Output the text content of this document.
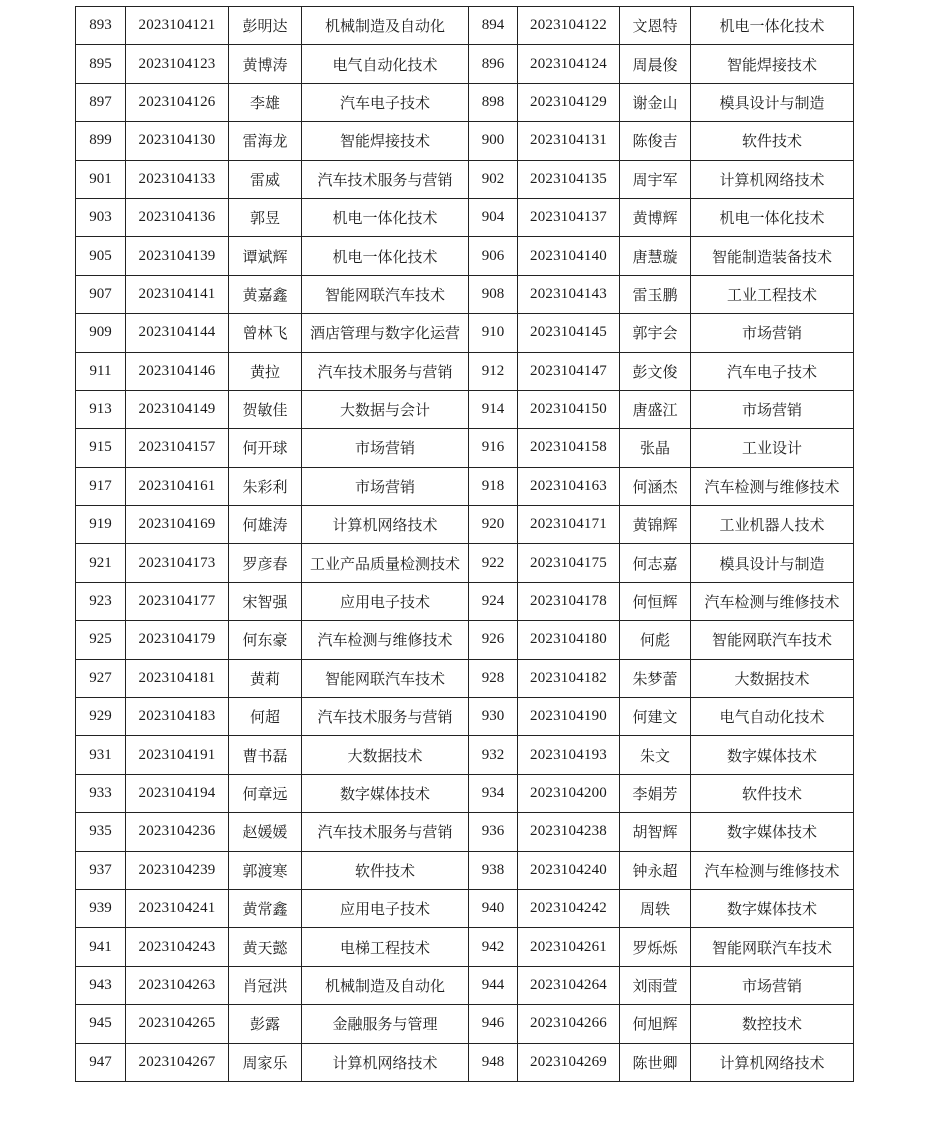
893	2023104121	彭明达	机械制造及自动化	894	2023104122	文恩特	机电一体化技术
895	2023104123	黄博涛	电气自动化技术	896	2023104124	周晨俊	智能焊接技术
897	2023104126	李雄	汽车电子技术	898	2023104129	谢金山	模具设计与制造
899	2023104130	雷海龙	智能焊接技术	900	2023104131	陈俊吉	软件技术
901	2023104133	雷威	汽车技术服务与营销	902	2023104135	周宇军	计算机网络技术
903	2023104136	郭昱	机电一体化技术	904	2023104137	黄博辉	机电一体化技术
905	2023104139	谭斌辉	机电一体化技术	906	2023104140	唐慧璇	智能制造装备技术
907	2023104141	黄嘉鑫	智能网联汽车技术	908	2023104143	雷玉鹏	工业工程技术
909	2023104144	曾林飞	酒店管理与数字化运营	910	2023104145	郭宇会	市场营销
911	2023104146	黄拉	汽车技术服务与营销	912	2023104147	彭文俊	汽车电子技术
913	2023104149	贺敏佳	大数据与会计	914	2023104150	唐盛江	市场营销
915	2023104157	何开球	市场营销	916	2023104158	张晶	工业设计
917	2023104161	朱彩利	市场营销	918	2023104163	何涵杰	汽车检测与维修技术
919	2023104169	何雄涛	计算机网络技术	920	2023104171	黄锦辉	工业机器人技术
921	2023104173	罗彦春	工业产品质量检测技术	922	2023104175	何志嘉	模具设计与制造
923	2023104177	宋智强	应用电子技术	924	2023104178	何恒辉	汽车检测与维修技术
925	2023104179	何东豪	汽车检测与维修技术	926	2023104180	何彪	智能网联汽车技术
927	2023104181	黄莉	智能网联汽车技术	928	2023104182	朱梦蕾	大数据技术
929	2023104183	何超	汽车技术服务与营销	930	2023104190	何建文	电气自动化技术
931	2023104191	曹书磊	大数据技术	932	2023104193	朱文	数字媒体技术
933	2023104194	何章远	数字媒体技术	934	2023104200	李娟芳	软件技术
935	2023104236	赵媛媛	汽车技术服务与营销	936	2023104238	胡智辉	数字媒体技术
937	2023104239	郭渡寒	软件技术	938	2023104240	钟永超	汽车检测与维修技术
939	2023104241	黄常鑫	应用电子技术	940	2023104242	周轶	数字媒体技术
941	2023104243	黄天懿	电梯工程技术	942	2023104261	罗烁烁	智能网联汽车技术
943	2023104263	肖冠洪	机械制造及自动化	944	2023104264	刘雨萱	市场营销
945	2023104265	彭露	金融服务与管理	946	2023104266	何旭辉	数控技术
947	2023104267	周家乐	计算机网络技术	948	2023104269	陈世卿	计算机网络技术
